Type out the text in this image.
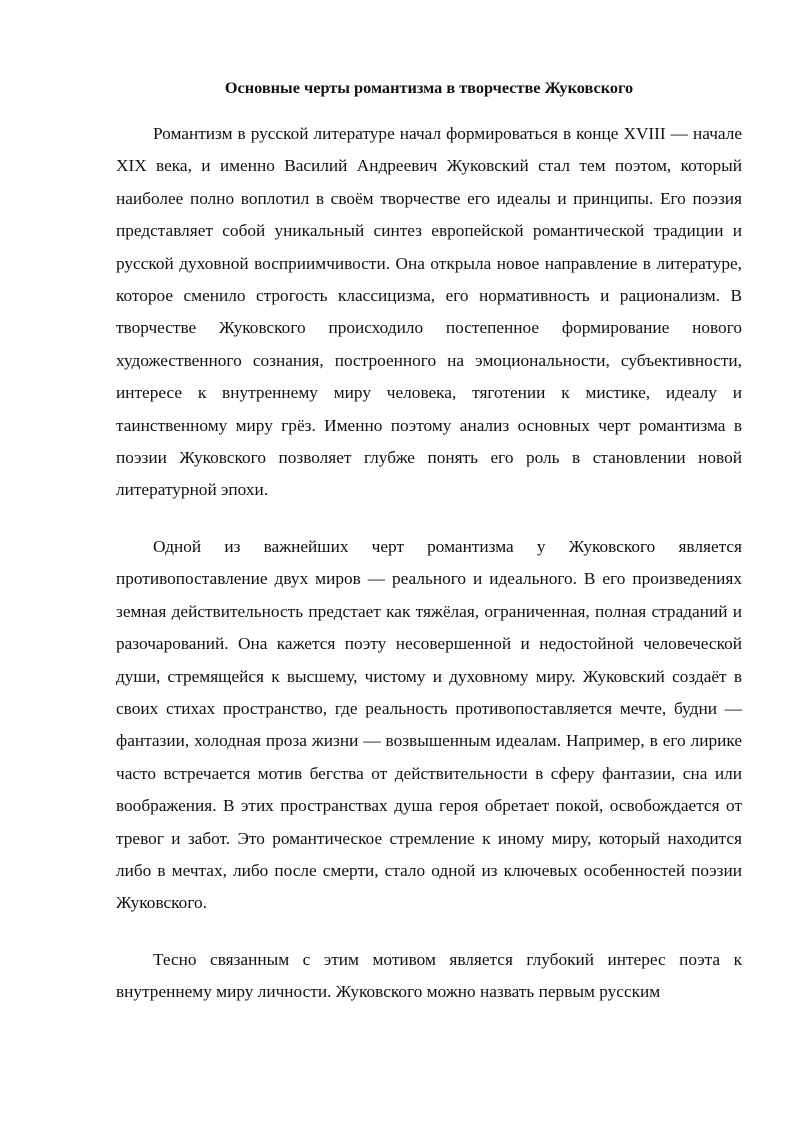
Основные черты романтизма в творчестве Жуковского

Романтизм в русской литературе начал формироваться в конце XVIII — начале XIX века, и именно Василий Андреевич Жуковский стал тем поэтом, который наиболее полно воплотил в своём творчестве его идеалы и принципы. Его поэзия представляет собой уникальный синтез европейской романтической традиции и русской духовной восприимчивости. Она открыла новое направление в литературе, которое сменило строгость классицизма, его нормативность и рационализм. В творчестве Жуковского происходило постепенное формирование нового художественного сознания, построенного на эмоциональности, субъективности, интересе к внутреннему миру человека, тяготении к мистике, идеалу и таинственному миру грёз. Именно поэтому анализ основных черт романтизма в поэзии Жуковского позволяет глубже понять его роль в становлении новой литературной эпохи.

Одной из важнейших черт романтизма у Жуковского является противопоставление двух миров — реального и идеального. В его произведениях земная действительность предстает как тяжёлая, ограниченная, полная страданий и разочарований. Она кажется поэту несовершенной и недостойной человеческой души, стремящейся к высшему, чистому и духовному миру. Жуковский создаёт в своих стихах пространство, где реальность противопоставляется мечте, будни — фантазии, холодная проза жизни — возвышенным идеалам. Например, в его лирике часто встречается мотив бегства от действительности в сферу фантазии, сна или воображения. В этих пространствах душа героя обретает покой, освобождается от тревог и забот. Это романтическое стремление к иному миру, который находится либо в мечтах, либо после смерти, стало одной из ключевых особенностей поэзии Жуковского.

Тесно связанным с этим мотивом является глубокий интерес поэта к внутреннему миру личности. Жуковского можно назвать первым русским
